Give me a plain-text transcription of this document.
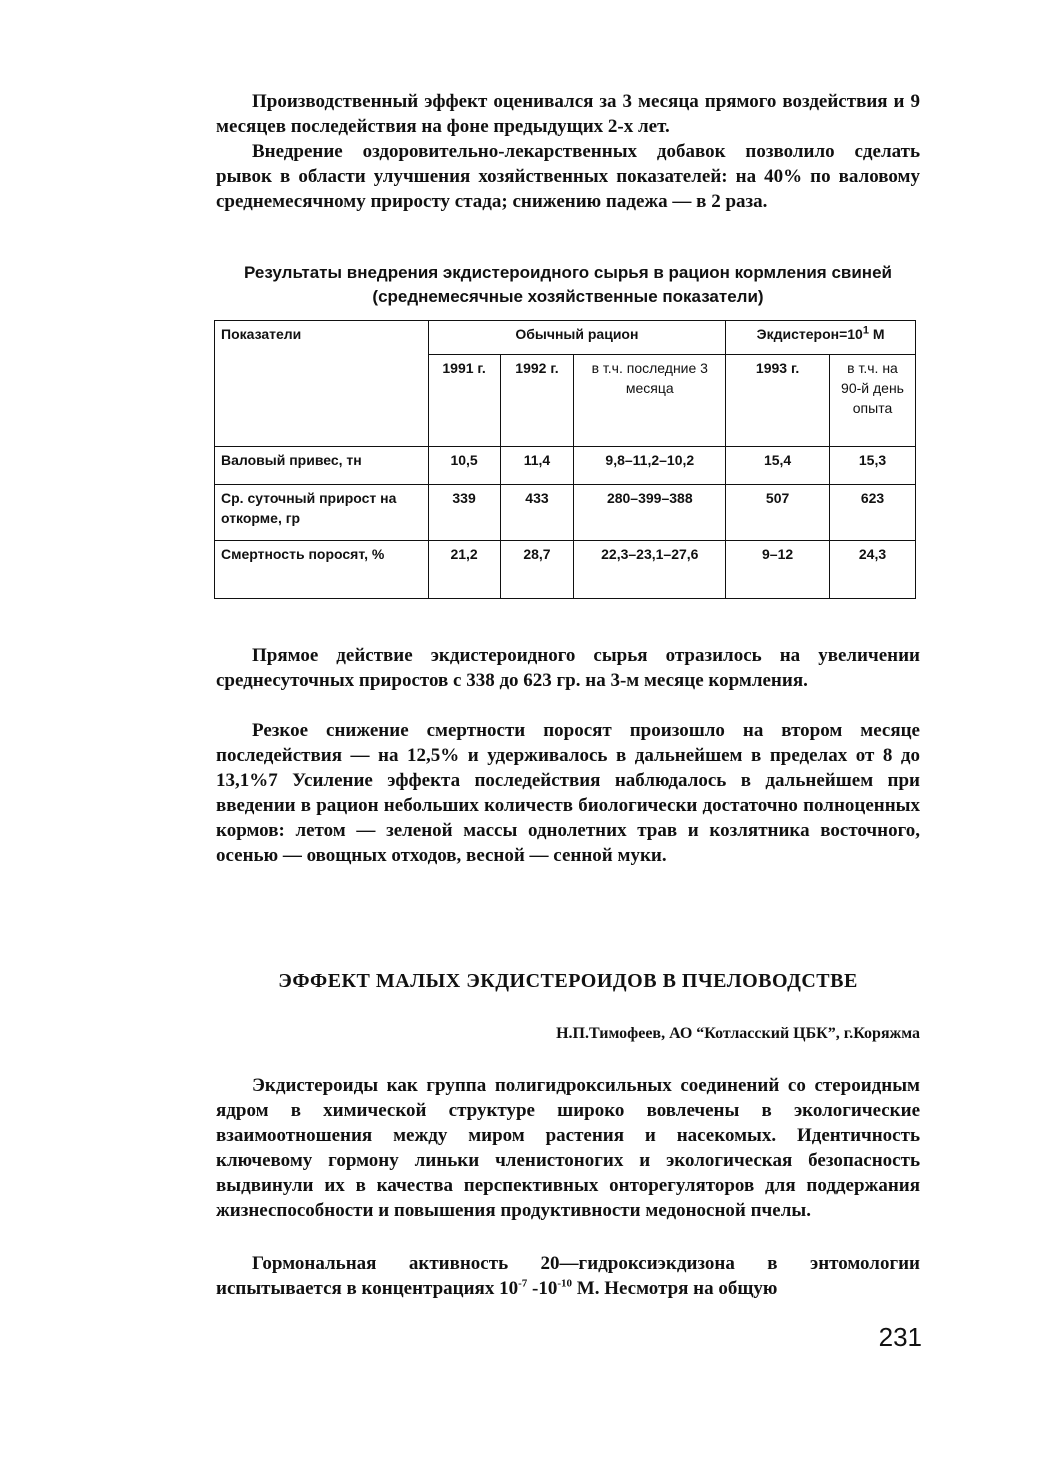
Производственный эффект оценивался за 3 месяца прямого воздействия и 9 месяцев последействия на фоне предыдущих 2-х лет.

Внедрение оздоровительно-лекарственных добавок позволило сделать рывок в области улучшения хозяйственных показателей: на 40% по валовому среднемесячному приросту стада; снижению падежа — в 2 раза.

Результаты внедрения экдистероидного сырья в рацион кормления свиней (среднемесячные хозяйственные показатели)

Показатели	Обычный рацион			$Экдистерон=10^1$ М	
	1991 г.	1992 г.	в т.ч. последние 3 месяца	1993 г.	в т.ч. на 90-й день опыта
Валовый привес, тн	10,5	11,4	9,8–11,2–10,2	15,4	15,3
Ср. суточный прирост на откорме, гр	339	433	280–399–388	507	623
Смертность поросят, %	21,2	28,7	22,3–23,1–27,6	9–12	24,3

Прямое действие экдистероидного сырья отразилось на увеличении среднесуточных приростов с 338 до 623 гр. на 3-м месяце кормления.

Резкое снижение смертности поросят произошло на втором месяце последействия — на 12,5% и удерживалось в дальнейшем в пределах от 8 до 13,1%7 Усиление эффекта последействия наблюдалось в дальнейшем при введении в рацион небольших количеств биологически достаточно полноценных кормов: летом — зеленой массы однолетних трав и козлятника восточного, осенью — овощных отходов, весной — сенной муки.

ЭФФЕКТ МАЛЫХ ЭКДИСТЕРОИДОВ В ПЧЕЛОВОДСТВЕ

Н.П.Тимофеев, АО “Котласский ЦБК”, г.Коряжма

Экдистероиды как группа полигидроксильных соединений со стероидным ядром в химической структуре широко вовлечены в экологические взаимоотношения между миром растения и насекомых. Идентичность ключевому гормону линьки членистоногих и экологическая безопасность выдвинули их в качества перспективных онторегуляторов для поддержания жизнеспособности и повышения продуктивности медоносной пчелы.

Гормональная активность 20—гидроксиэкдизона в энтомологии испытывается в концентрациях $10^{-7}$ $-10^{-10}$ М. Несмотря на общую

231
